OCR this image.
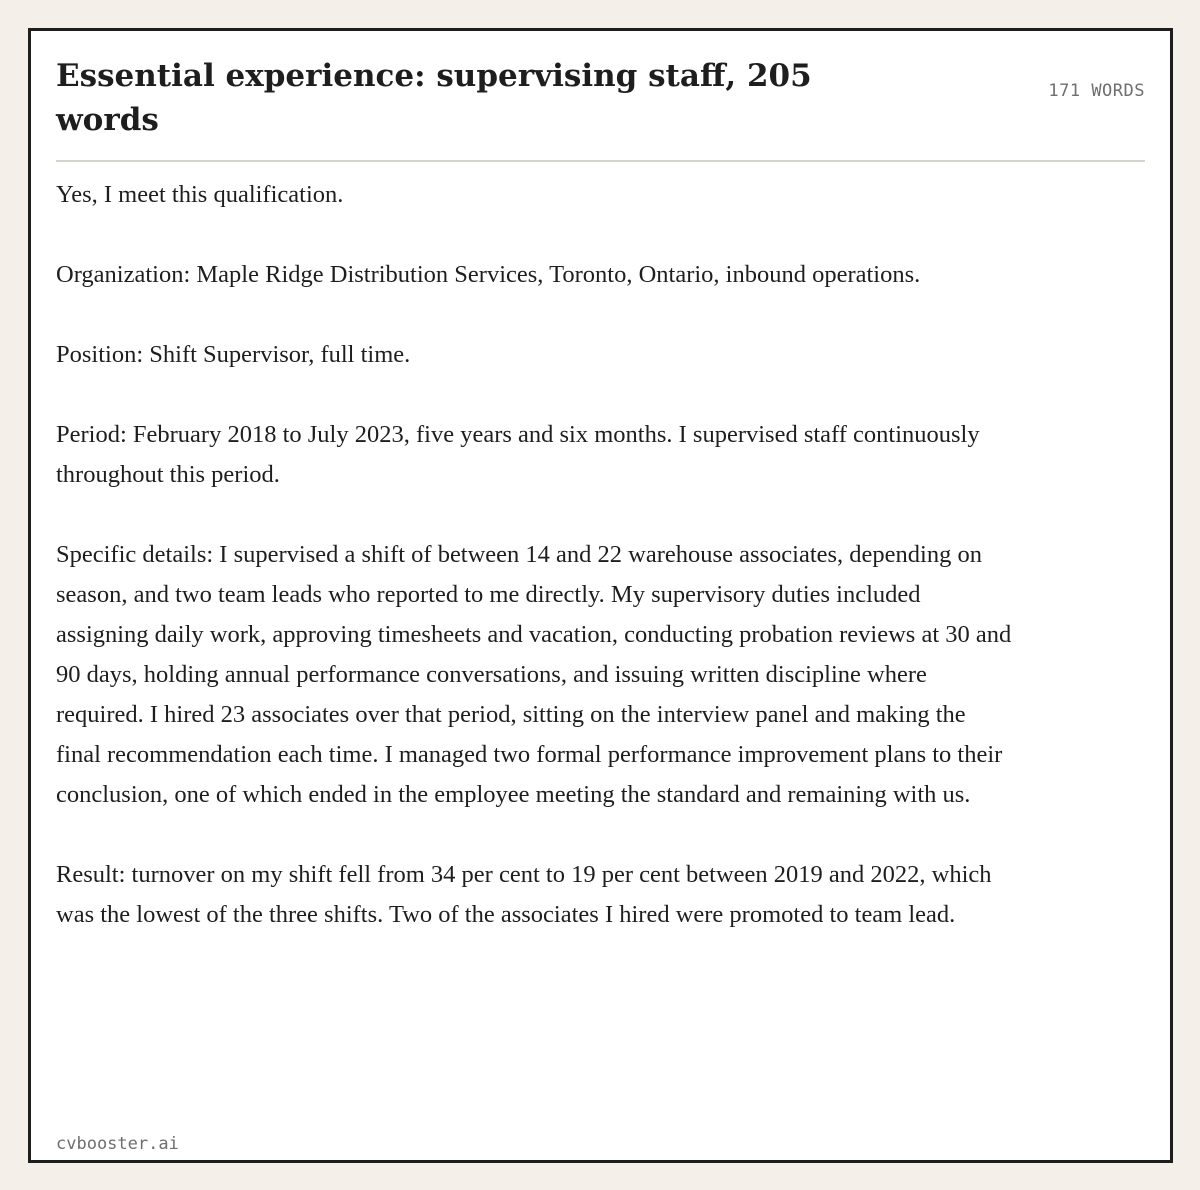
Essential experience: supervising staff, 205 words
171 WORDS

Yes, I meet this qualification.

Organization: Maple Ridge Distribution Services, Toronto, Ontario, inbound operations.

Position: Shift Supervisor, full time.

Period: February 2018 to July 2023, five years and six months. I supervised staff continuously throughout this period.

Specific details: I supervised a shift of between 14 and 22 warehouse associates, depending on season, and two team leads who reported to me directly. My supervisory duties included assigning daily work, approving timesheets and vacation, conducting probation reviews at 30 and 90 days, holding annual performance conversations, and issuing written discipline where required. I hired 23 associates over that period, sitting on the interview panel and making the final recommendation each time. I managed two formal performance improvement plans to their conclusion, one of which ended in the employee meeting the standard and remaining with us.

Result: turnover on my shift fell from 34 per cent to 19 per cent between 2019 and 2022, which was the lowest of the three shifts. Two of the associates I hired were promoted to team lead.

cvbooster.ai
